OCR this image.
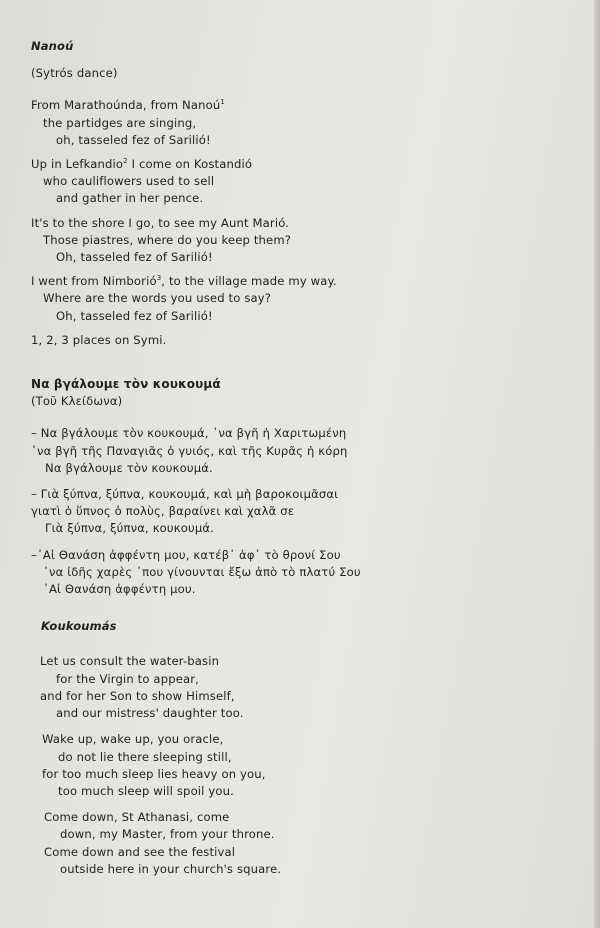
Nanoú

(Sytrós dance)

From Marathoúnda, from Nanoú$^1$
the partidges are singing,
oh, tasseled fez of Sariliό!
Up in Lefkandio$^2$ I come on Kostandió
who cauliflowers used to sell
and gather in her pence.
It's to the shore I go, to see my Aunt Marió.
Those piastres, where do you keep them?
Oh, tasseled fez of Sariliό!
I went from Nimborió$^3$, to the village made my way.
Where are the words you used to say?
Oh, tasseled fez of Sariliό!

1, 2, 3 places on Symi.

Να βγάλουμε τὸν κουκουμά

(Τοῦ Κλείδωνα)

– Να βγάλουμε τὸν κουκουμά, ᾽να βγῆ ἡ Χαριτωμένη
᾽να βγῆ τῆς Παναγιᾶς ὁ γυιός, καὶ τῆς Κυρᾶς ἡ κόρη
Να βγάλουμε τὸν κουκουμά.
– Γιὰ ξύπνα, ξύπνα, κουκουμά, καὶ μὴ βαροκοιμᾶσαι
γιατὶ ὁ ὕπνος ὁ πολὺς, βαραίνει καὶ χαλᾶ σε
Γιὰ ξύπνα, ξύπνα, κουκουμά.
–᾿Αἱ Θανάση ἀφφέντη μου, κατέβ᾽ ἀφ᾽ τὸ θρονί Σου
᾽να ἰδῆς χαρὲς ᾽που γίνουνται ἔξω ἀπὸ τὸ πλατύ Σου
᾿Αἱ Θανάση ἀφφέντη μου.

Koukoumás

Let us consult the water-basin
for the Virgin to appear,
and for her Son to show Himself,
and our mistress' daughter too.
Wake up, wake up, you oracle,
do not lie there sleeping still,
for too much sleep lies heavy on you,
too much sleep will spoil you.
Come down, St Athanasi, come
down, my Master, from your throne.
Come down and see the festival
outside here in your church's square.
